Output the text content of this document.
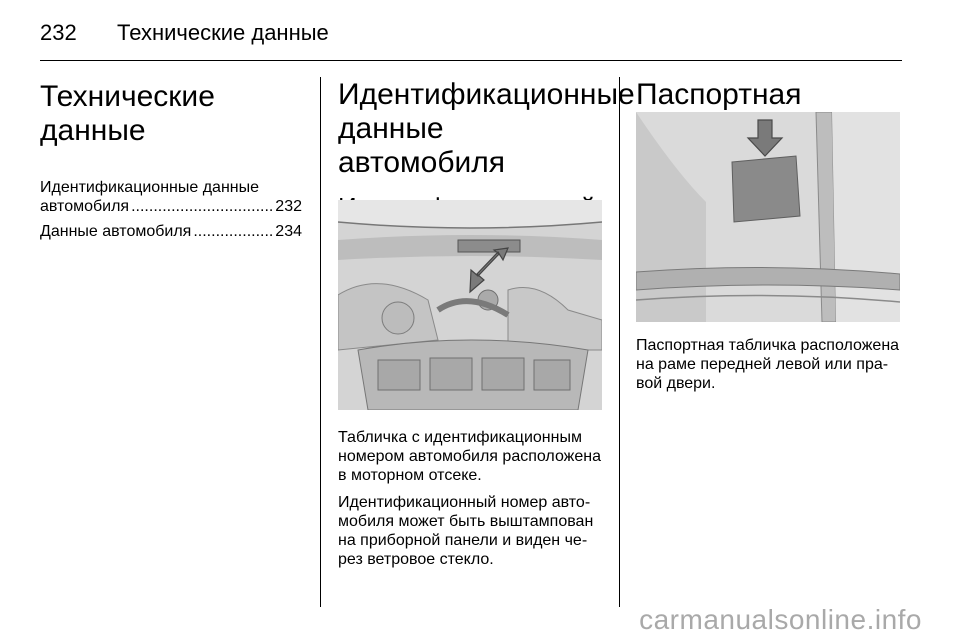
232 Технические данные
Технические данные
Идентификационные данные
автомобиля .....	232
Данные автомобиля .....	234
Идентификационные
данные автомобиля

Табличка с идентификационным
номером автомобиля расположена
в моторном отсеке.

Идентификационный номер авто-
мобиля может быть выштампован
на приборной панели и виден че-
рез ветровое стекло.

Паспортная

Паспортная табличка расположена
на раме передней левой или пра-
вой двери.

carmanualsonline.info
